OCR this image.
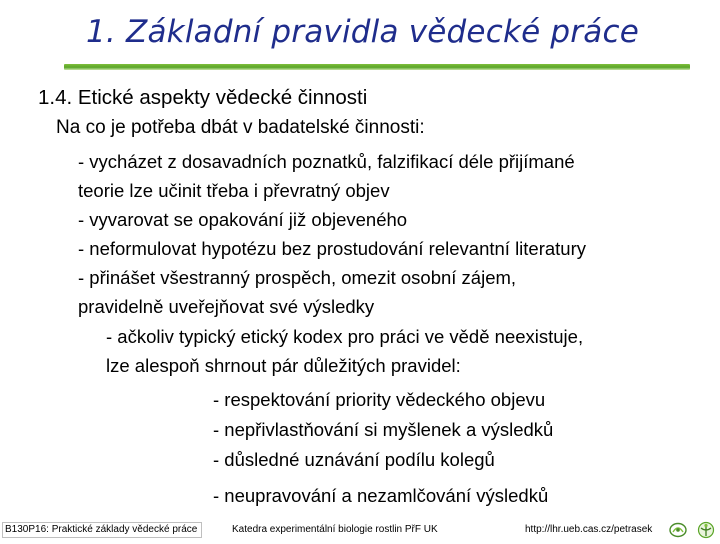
1. Základní pravidla vědecké práce
1.4. Etické aspekty vědecké činnosti
Na co je potřeba dbát v badatelské činnosti:
- vycházet z dosavadních poznatků, falzifikací déle přijímané
teorie lze učinit třeba i převratný objev
- vyvarovat se opakování již objeveného
- neformulovat hypotézu bez prostudování relevantní literatury
- přinášet všestranný prospěch, omezit osobní zájem,
pravidelně uveřejňovat své výsledky
- ačkoliv typický etický kodex pro práci ve vědě neexistuje,
lze alespoň shrnout pár důležitých pravidel:
- respektování priority vědeckého objevu
- nepřivlastňování si myšlenek a výsledků
- důsledné uznávání podílu kolegů
- neupravování a nezamlčování výsledků
B130P16: Praktické základy vědecké práce	Katedra experimentální biologie rostlin PřF UK	http://lhr.ueb.cas.cz/petrasek
